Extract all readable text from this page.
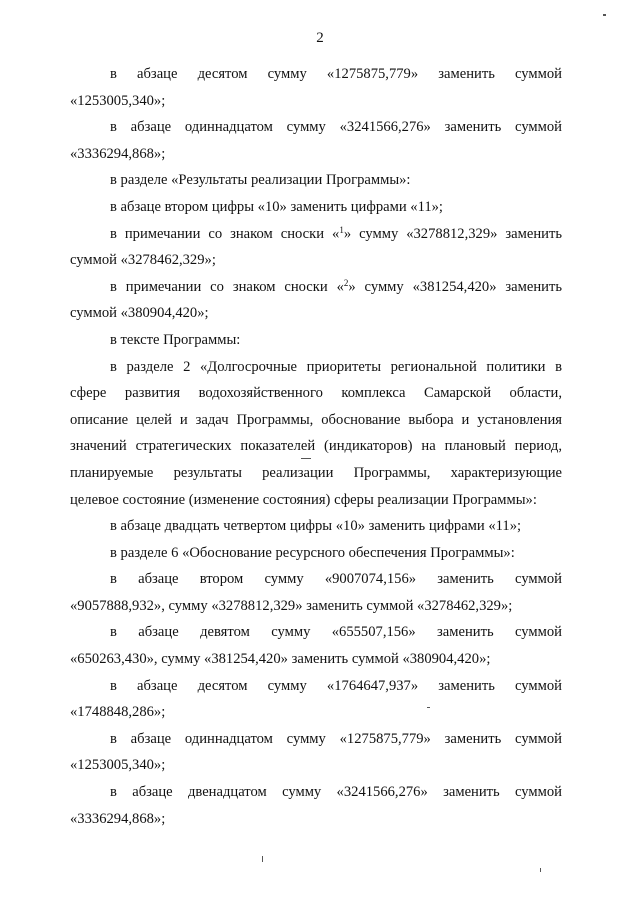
2

в абзаце десятом сумму «1275875,779» заменить суммой
«1253005,340»;

в абзаце одиннадцатом сумму «3241566,276» заменить суммой
«3336294,868»;

в разделе «Результаты реализации Программы»:

в абзаце втором цифры «10» заменить цифрами «11»;

в примечании со знаком сноски «$^1$» сумму «3278812,329» заменить
суммой «3278462,329»;

в примечании со знаком сноски «$^2$» сумму «381254,420» заменить
суммой «380904,420»;

в тексте Программы:

в разделе 2 «Долгосрочные приоритеты региональной политики в
сфере развития водохозяйственного комплекса Самарской области,
описание целей и задач Программы, обоснование выбора и установления
значений стратегических показателей (индикаторов) на плановый период,
планируемые результаты реализации Программы, характеризующие
целевое состояние (изменение состояния) сферы реализации Программы»:

в абзаце двадцать четвертом цифры «10» заменить цифрами «11»;

в разделе 6 «Обоснование ресурсного обеспечения Программы»:

в абзаце втором сумму «9007074,156» заменить суммой
«9057888,932», сумму «3278812,329» заменить суммой «3278462,329»;

в абзаце девятом сумму «655507,156» заменить суммой
«650263,430», сумму «381254,420» заменить суммой «380904,420»;

в абзаце десятом сумму «1764647,937» заменить суммой
«1748848,286»;

в абзаце одиннадцатом сумму «1275875,779» заменить суммой
«1253005,340»;

в абзаце двенадцатом сумму «3241566,276» заменить суммой
«3336294,868»;
